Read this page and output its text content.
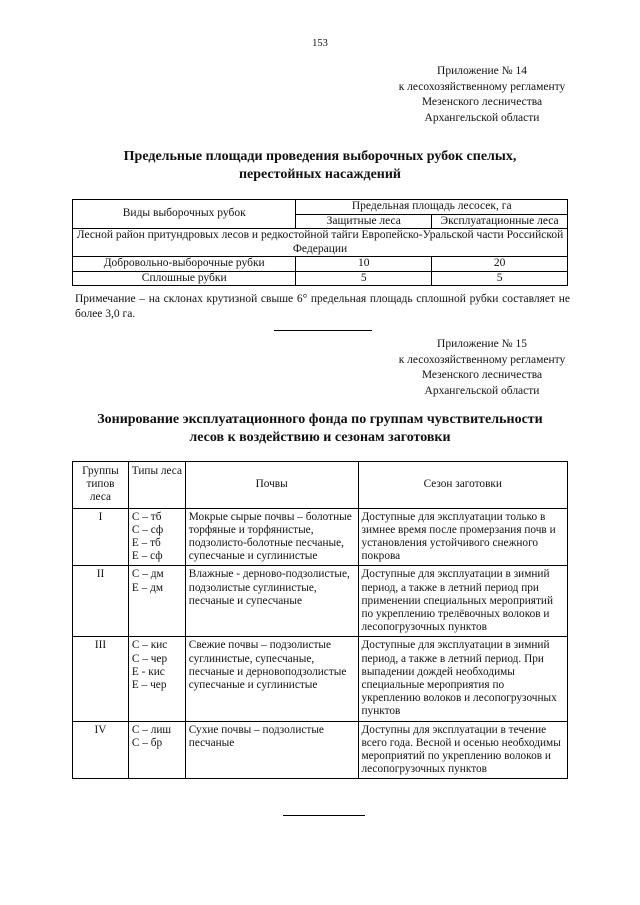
153
Приложение № 14
к лесохозяйственному регламенту
Мезенского лесничества
Архангельской области
Предельные площади проведения выборочных рубок спелых,
перестойных насаждений
Виды выборочных рубок	Предельная площадь лесосек, га	
	Защитные леса	Эксплуатационные леса
Лесной район притундровых лесов и редкостойной тайги Европейско-Уральской части Российской Федерации		
Добровольно-выборочные рубки	10	20
Сплошные рубки	5	5
Примечание – на склонах крутизной свыше 6° предельная площадь сплошной рубки составляет не более 3,0 га.
Приложение № 15
к лесохозяйственному регламенту
Мезенского лесничества
Архангельской области
Зонирование эксплуатационного фонда по группам чувствительности
лесов к воздействию и сезонам заготовки
Группы типов леса	Типы леса	Почвы	Сезон заготовки
I	С – тб
С – сф
Е – тб
Е – сф	Мокрые сырые почвы – болотные торфяные и торфянистые, подзолисто-болотные песчаные, супесчаные и суглинистые	Доступные для эксплуатации только в зимнее время после промерзания почв и установления устойчивого снежного покрова
II	С – дм
Е – дм	Влажные - дерново-подзолистые, подзолистые суглинистые, песчаные и супесчаные	Доступные для эксплуатации в зимний период, а также в летний период при применении специальных мероприятий по укреплению трелёвочных волоков и лесопогрузочных пунктов
III	С – кис
С – чер
Е - кис
Е – чер	Свежие почвы – подзолистые суглинистые, супесчаные, песчаные и дерновоподзолистые супесчаные и суглинистые	Доступные для эксплуатации в зимний период, а также в летний период. При выпадении дождей необходимы специальные мероприятия по укреплению волоков и лесопогрузочных пунктов
IV	С – лиш
С – бр	Сухие почвы – подзолистые песчаные	Доступны для эксплуатации в течение всего года. Весной и осенью необходимы мероприятий по укреплению волоков и лесопогрузочных пунктов
